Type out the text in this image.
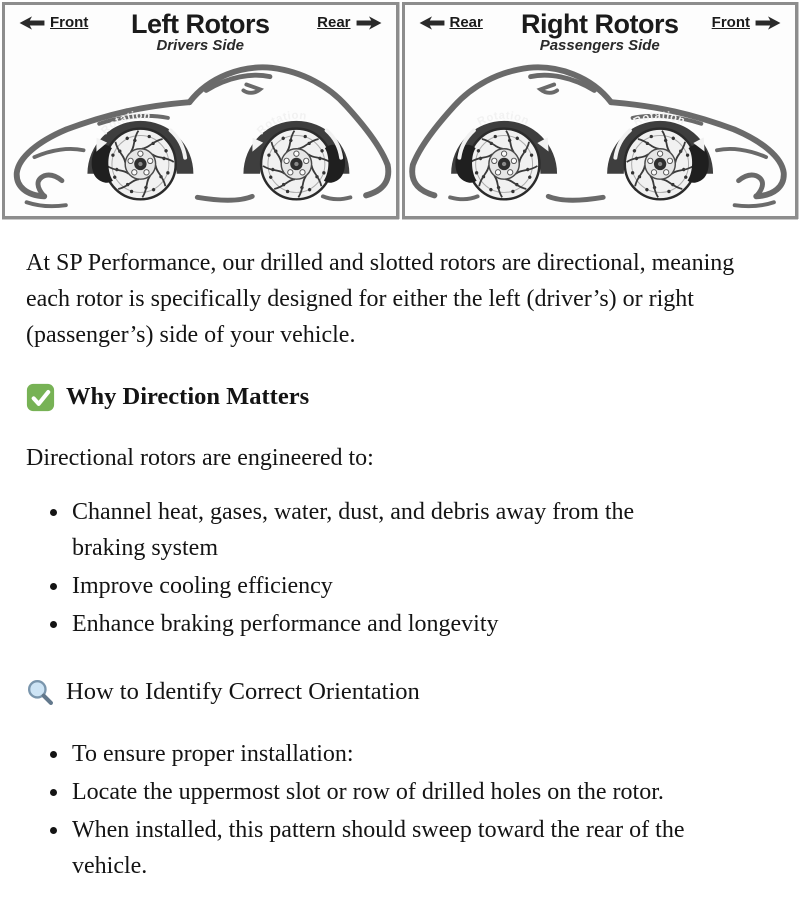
Front	Left Rotors
Drivers Side
Rear
Rotation
Rotation
Rear	Right Rotors
Passengers Side
Front
Rotation	Rotation

At SP Performance, our drilled and slotted rotors are directional, meaning each rotor is specifically designed for either the left (driver’s) or right (passenger’s) side of your vehicle.

Why Direction Matters

Directional rotors are engineered to:

• Channel heat, gases, water, dust, and debris away from the braking system
• Improve cooling efficiency
• Enhance braking performance and longevity
How to Identify Correct Orientation
• To ensure proper installation:
• Locate the uppermost slot or row of drilled holes on the rotor.
• When installed, this pattern should sweep toward the rear of the vehicle.
